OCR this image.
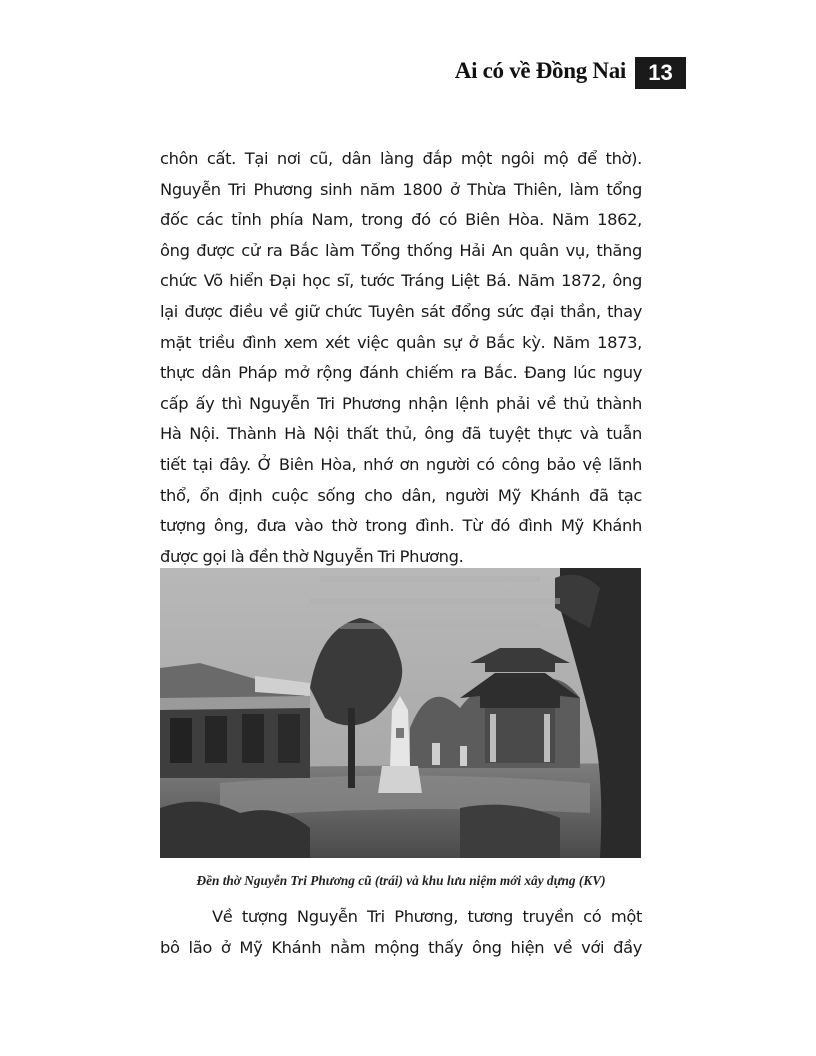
Ai có về Đồng Nai	13
chôn cất. Tại nơi cũ, dân làng đắp một ngôi mộ để thờ).
Nguyễn Tri Phương sinh năm 1800 ở Thừa Thiên, làm tổng
đốc các tỉnh phía Nam, trong đó có Biên Hòa. Năm 1862,
ông được cử ra Bắc làm Tổng thống Hải An quân vụ, thăng
chức Võ hiển Đại học sĩ, tước Tráng Liệt Bá. Năm 1872, ông
lại được điều về giữ chức Tuyên sát đổng sức đại thần, thay
mặt triều đình xem xét việc quân sự ở Bắc kỳ. Năm 1873,
thực dân Pháp mở rộng đánh chiếm ra Bắc. Đang lúc nguy
cấp ấy thì Nguyễn Tri Phương nhận lệnh phải về thủ thành
Hà Nội. Thành Hà Nội thất thủ, ông đã tuyệt thực và tuẫn
tiết tại đây. Ở Biên Hòa, nhớ ơn người có công bảo vệ lãnh
thổ, ổn định cuộc sống cho dân, người Mỹ Khánh đã tạc
tượng ông, đưa vào thờ trong đình. Từ đó đình Mỹ Khánh
được gọi là đền thờ Nguyễn Tri Phương.
Đền thờ Nguyễn Tri Phương cũ (trái) và khu lưu niệm mới xây dựng (KV)
Về tượng Nguyễn Tri Phương, tương truyền có một
bô lão ở Mỹ Khánh nằm mộng thấy ông hiện về với đầy
